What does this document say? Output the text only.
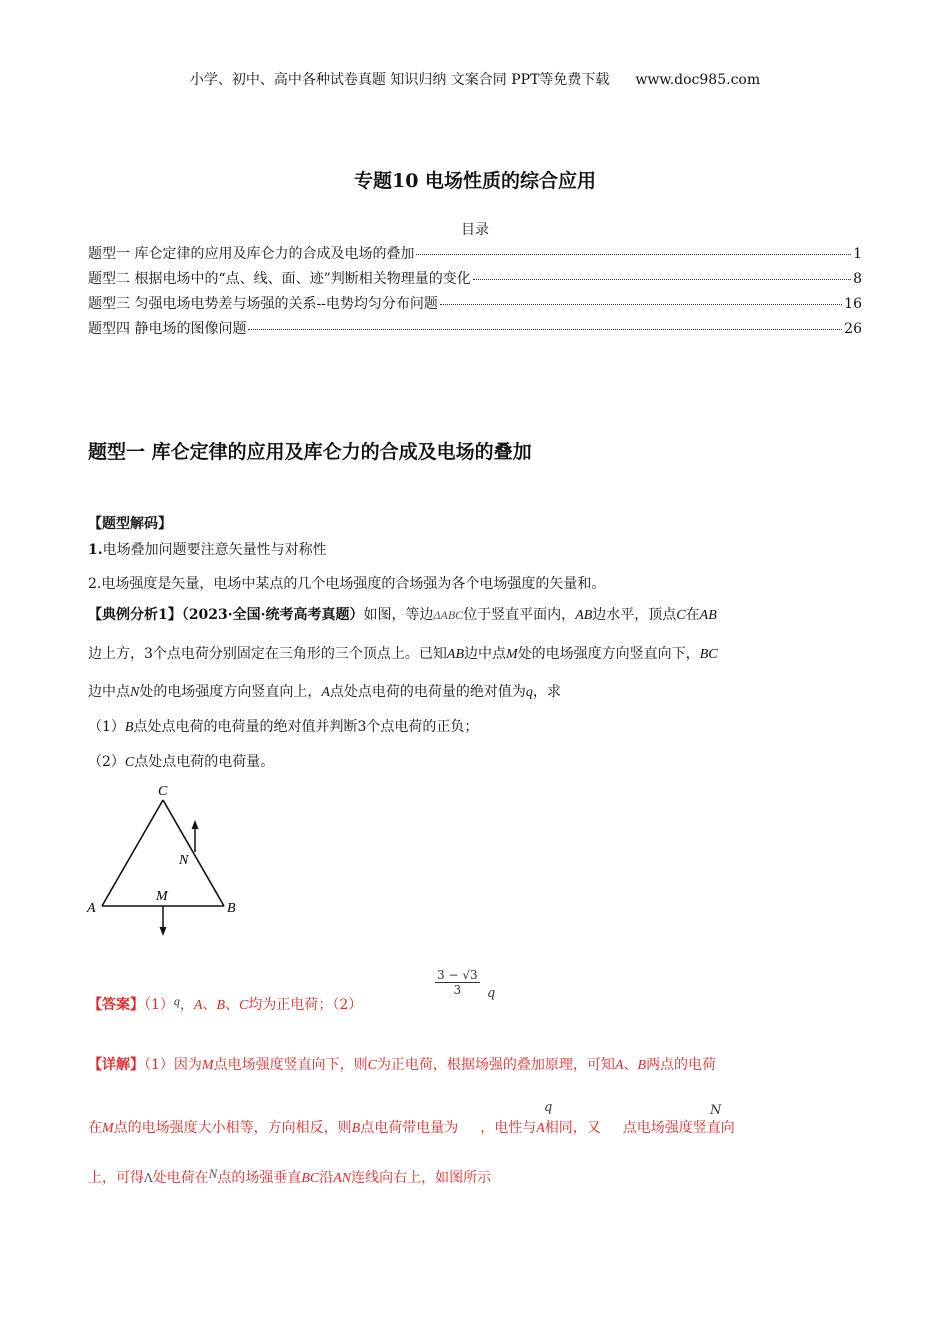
小学、初中、高中各种试卷真题 知识归纳 文案合同 PPT等免费下载 www.doc985.com
专题10 电场性质的综合应用
目录
题型一 库仑定律的应用及库仑力的合成及电场的叠加	1
题型二 根据电场中的“点、线、面、迹”判断相关物理量的变化	8
题型三 匀强电场电势差与场强的关系--电势均匀分布问题	16
题型四 静电场的图像问题	26
题型一 库仑定律的应用及库仑力的合成及电场的叠加
【题型解码】
1.电场叠加问题要注意矢量性与对称性
2.电场强度是矢量，电场中某点的几个电场强度的合场强为各个电场强度的矢量和。
【典例分析1】（2023·全国·统考高考真题）如图，等边ΔABC位于竖直平面内，AB边水平，顶点C在AB
边上方，3个点电荷分别固定在三角形的三个顶点上。已知AB边中点M处的电场强度方向竖直向下，BC
边中点N处的电场强度方向竖直向上，A点处点电荷的电荷量的绝对值为q，求
（1）B点处点电荷的电荷量的绝对值并判断3个点电荷的正负；
（2）C点处点电荷的电荷量。
C
N
A
M
B
【答案】（1）q，A、B、C均为正电荷；（2）
$\frac{3 - √3}{3}$ q
【详解】（1）因为M点电场强度竖直向下，则C为正电荷，根据场强的叠加原理，可知A、B两点的电荷
在M点的电场强度大小相等，方向相反，则B点电荷带电量为 ，电性与A相同，又 点电场强度竖直向
q	N
上，可得Λ处电荷在N点的场强垂直BC沿AN连线向右上，如图所示
